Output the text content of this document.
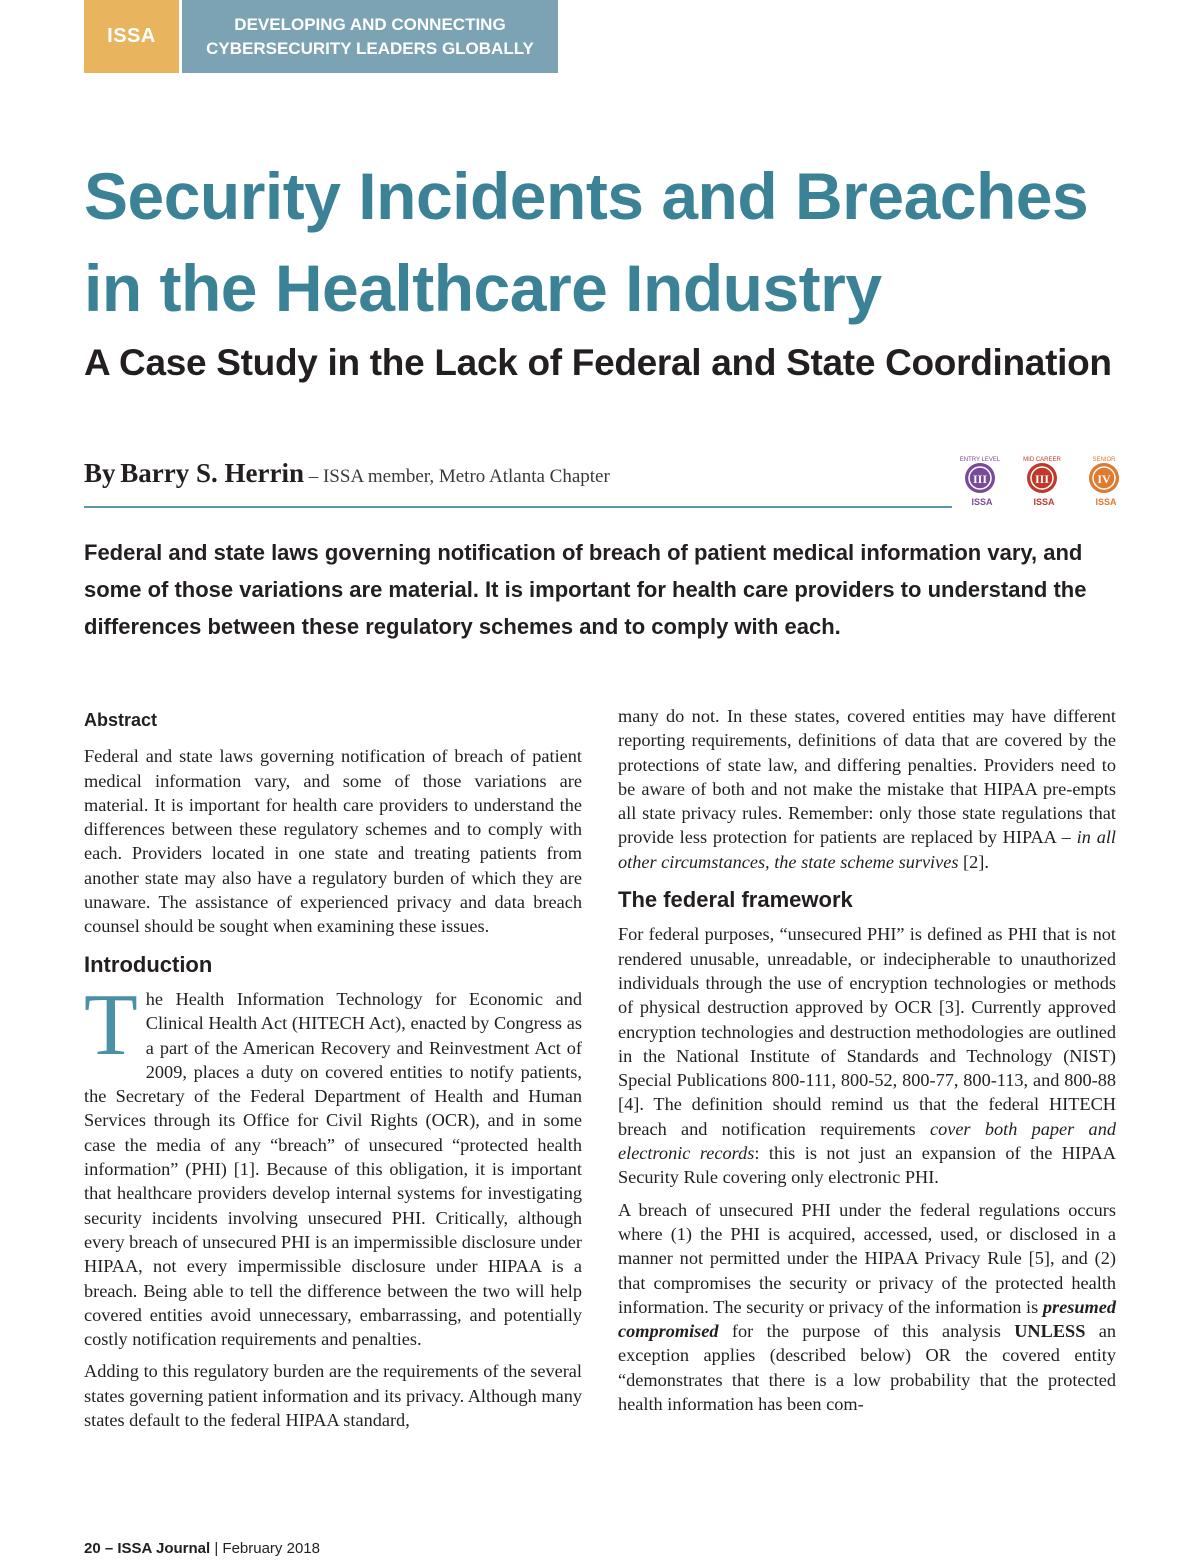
ISSA
DEVELOPING AND CONNECTING
CYBERSECURITY LEADERS GLOBALLY
Security Incidents and Breaches
in the Healthcare Industry
A Case Study in the Lack of Federal and State Coordination
By Barry S. Herrin – ISSA member, Metro Atlanta Chapter	III
ENTRY LEVEL
ISSA
III
MID CAREER
ISSA
IV
SENIOR
ISSA

Federal and state laws governing notification of breach of patient medical information vary, and some of those variations are material. It is important for health care providers to understand the differences between these regulatory schemes and to comply with each.

Abstract

Federal and state laws governing notification of breach of patient medical information vary, and some of those variations are material. It is important for health care providers to understand the differences between these regulatory schemes and to comply with each. Providers located in one state and treating patients from another state may also have a regulatory burden of which they are unaware. The assistance of experienced privacy and data breach counsel should be sought when examining these issues.

Introduction

The Health Information Technology for Economic and Clinical Health Act (HITECH Act), enacted by Congress as a part of the American Recovery and Reinvestment Act of 2009, places a duty on covered entities to notify patients, the Secretary of the Federal Department of Health and Human Services through its Office for Civil Rights (OCR), and in some case the media of any “breach” of unsecured “protected health information” (PHI) [1]. Because of this obligation, it is important that healthcare providers develop internal systems for investigating security incidents involving unsecured PHI. Critically, although every breach of unsecured PHI is an impermissible disclosure under HIPAA, not every impermissible disclosure under HIPAA is a breach. Being able to tell the difference between the two will help covered entities avoid unnecessary, embarrassing, and potentially costly notification requirements and penalties.

Adding to this regulatory burden are the requirements of the several states governing patient information and its privacy. Although many states default to the federal HIPAA standard,

many do not. In these states, covered entities may have different reporting requirements, definitions of data that are covered by the protections of state law, and differing penalties. Providers need to be aware of both and not make the mistake that HIPAA pre-empts all state privacy rules. Remember: only those state regulations that provide less protection for patients are replaced by HIPAA – in all other circumstances, the state scheme survives [2].

The federal framework

For federal purposes, “unsecured PHI” is defined as PHI that is not rendered unusable, unreadable, or indecipherable to unauthorized individuals through the use of encryption technologies or methods of physical destruction approved by OCR [3]. Currently approved encryption technologies and destruction methodologies are outlined in the National Institute of Standards and Technology (NIST) Special Publications 800-111, 800-52, 800-77, 800-113, and 800-88 [4]. The definition should remind us that the federal HITECH breach and notification requirements cover both paper and electronic records: this is not just an expansion of the HIPAA Security Rule covering only electronic PHI.

A breach of unsecured PHI under the federal regulations occurs where (1) the PHI is acquired, accessed, used, or disclosed in a manner not permitted under the HIPAA Privacy Rule [5], and (2) that compromises the security or privacy of the protected health information. The security or privacy of the information is presumed compromised for the purpose of this analysis UNLESS an exception applies (described below) OR the covered entity “demonstrates that there is a low probability that the protected health information has been com-

20 – ISSA Journal | February 2018
